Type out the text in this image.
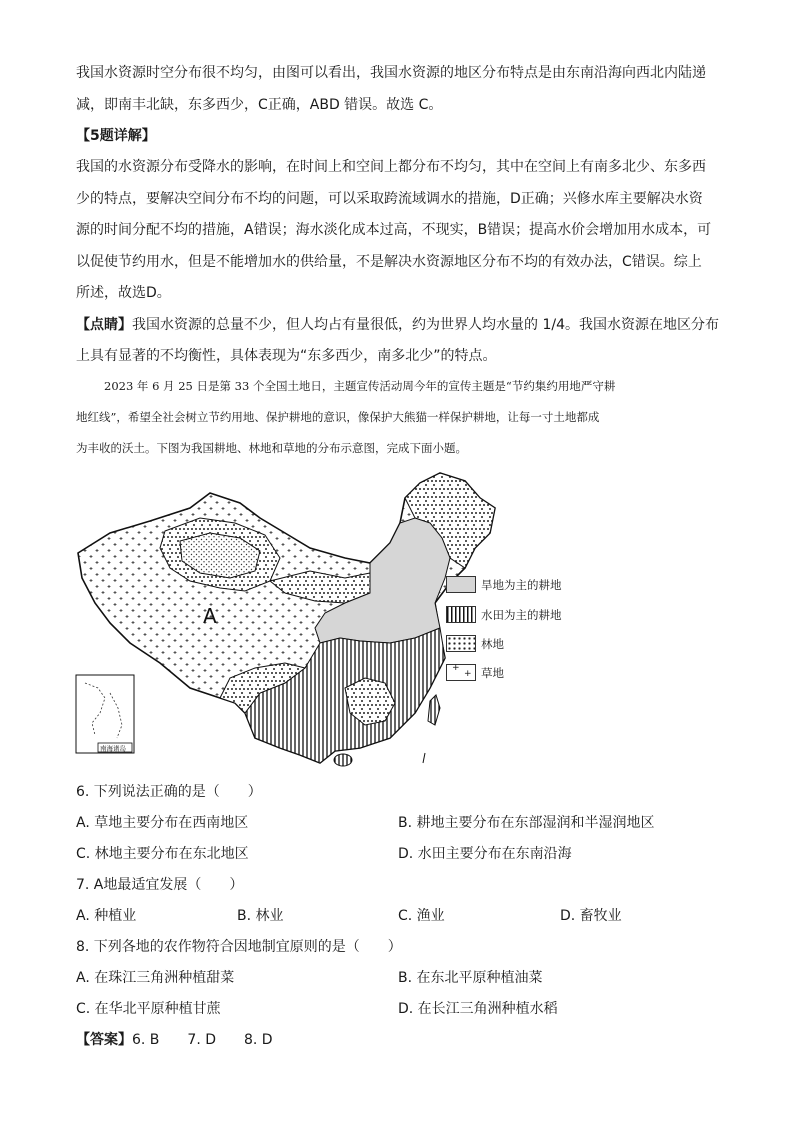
我国水资源时空分布很不均匀，由图可以看出，我国水资源的地区分布特点是由东南沿海向西北内陆递
减，即南丰北缺，东多西少，C正确，ABD 错误。故选 C。
【5题详解】
我国的水资源分布受降水的影响，在时间上和空间上都分布不均匀，其中在空间上有南多北少、东多西
少的特点，要解决空间分布不均的问题，可以采取跨流域调水的措施，D正确；兴修水库主要解决水资
源的时间分配不均的措施，A错误；海水淡化成本过高，不现实，B错误；提高水价会增加用水成本，可
以促使节约用水，但是不能增加水的供给量，不是解决水资源地区分布不均的有效办法，C错误。综上
所述，故选D。
【点睛】我国水资源的总量不少，但人均占有量很低，约为世界人均水量的 1/4。我国水资源在地区分布
上具有显著的不均衡性，具体表现为“东多西少，南多北少”的特点。
2023 年 6 月 25 日是第 33 个全国土地日，主题宣传活动周今年的宣传主题是“节约集约用地严守耕
地红线”，希望全社会树立节约用地、保护耕地的意识，像保护大熊猫一样保护耕地，让每一寸土地都成
为丰收的沃土。下图为我国耕地、林地和草地的分布示意图，完成下面小题。
A
南海诸岛
旱地为主的耕地
水田为主的耕地
林地
+
+ 草地
6. 下列说法正确的是（　　）
A. 草地主要分布在西南地区	B. 耕地主要分布在东部湿润和半湿润地区
C. 林地主要分布在东北地区	D. 水田主要分布在东南沿海
7. A地最适宜发展（　　）
A. 种植业	B. 林业	C. 渔业	D. 畜牧业
8. 下列各地的农作物符合因地制宜原则的是（　　）
A. 在珠江三角洲种植甜菜	B. 在东北平原种植油菜
C. 在华北平原种植甘蔗	D. 在长江三角洲种植水稻
【答案】6. B　　7. D　　8. D
